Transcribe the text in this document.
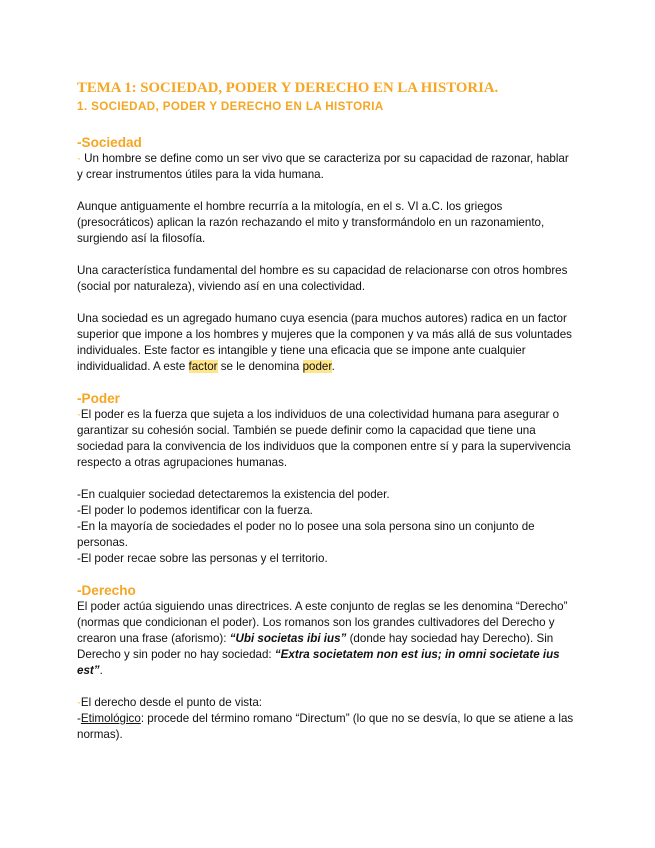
TEMA 1: SOCIEDAD, PODER Y DERECHO EN LA HISTORIA.
1. SOCIEDAD, PODER Y DERECHO EN LA HISTORIA
-Sociedad

· Un hombre se define como un ser vivo que se caracteriza por su capacidad de razonar, hablar y crear instrumentos útiles para la vida humana.

Aunque antiguamente el hombre recurría a la mitología, en el s. VI a.C. los griegos (presocráticos) aplican la razón rechazando el mito y transformándolo en un razonamiento, surgiendo así la filosofía.

Una característica fundamental del hombre es su capacidad de relacionarse con otros hombres (social por naturaleza), viviendo así en una colectividad.

Una sociedad es un agregado humano cuya esencia (para muchos autores) radica en un factor superior que impone a los hombres y mujeres que la componen y va más allá de sus voluntades individuales. Este factor es intangible y tiene una eficacia que se impone ante cualquier individualidad. A este factor se le denomina poder.

-Poder

·El poder es la fuerza que sujeta a los individuos de una colectividad humana para asegurar o garantizar su cohesión social. También se puede definir como la capacidad que tiene una sociedad para la convivencia de los individuos que la componen entre sí y para la supervivencia respecto a otras agrupaciones humanas.

-En cualquier sociedad detectaremos la existencia del poder.

-El poder lo podemos identificar con la fuerza.

-En la mayoría de sociedades el poder no lo posee una sola persona sino un conjunto de personas.

-El poder recae sobre las personas y el territorio.

-Derecho

El poder actúa siguiendo unas directrices. A este conjunto de reglas se les denomina “Derecho” (normas que condicionan el poder). Los romanos son los grandes cultivadores del Derecho y crearon una frase (aforismo): “Ubi societas ibi ius” (donde hay sociedad hay Derecho). Sin Derecho y sin poder no hay sociedad: “Extra societatem non est ius; in omni societate ius est”.

·El derecho desde el punto de vista:

-Etimológico: procede del término romano “Directum” (lo que no se desvía, lo que se atiene a las normas).
